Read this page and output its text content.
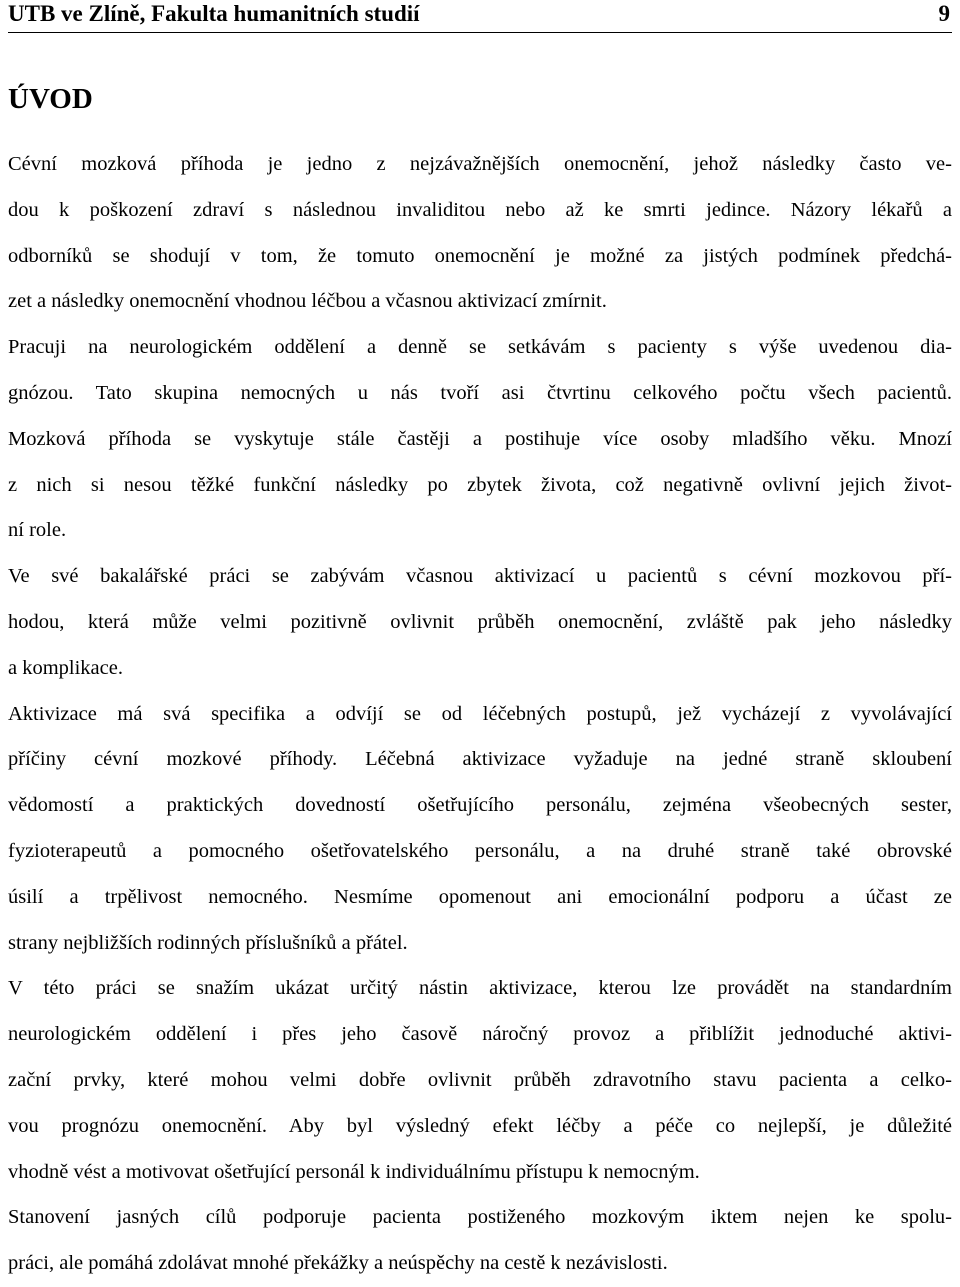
UTB ve Zlíně, Fakulta humanitních studií	9
ÚVOD

Cévní mozková příhoda je jedno z nejzávažnějších onemocnění, jehož následky často ve-
dou k poškození zdraví s následnou invaliditou nebo až ke smrti jedince. Názory lékařů a
odborníků se shodují v tom, že tomuto onemocnění je možné za jistých podmínek předchá-
zet a následky onemocnění vhodnou léčbou a včasnou aktivizací zmírnit.

Pracuji na neurologickém oddělení a denně se setkávám s pacienty s výše uvedenou dia-
gnózou. Tato skupina nemocných u nás tvoří asi čtvrtinu celkového počtu všech pacientů.
Mozková příhoda se vyskytuje stále častěji a postihuje více osoby mladšího věku. Mnozí
z nich si nesou těžké funkční následky po zbytek života, což negativně ovlivní jejich život-
ní role.

Ve své bakalářské práci se zabývám včasnou aktivizací u pacientů s cévní mozkovou pří-
hodou, která může velmi pozitivně ovlivnit průběh onemocnění, zvláště pak jeho následky
a komplikace.

Aktivizace má svá specifika a odvíjí se od léčebných postupů, jež vycházejí z vyvolávající
příčiny cévní mozkové příhody. Léčebná aktivizace vyžaduje na jedné straně skloubení
vědomostí a praktických dovedností ošetřujícího personálu, zejména všeobecných sester,
fyzioterapeutů a pomocného ošetřovatelského personálu, a na druhé straně také obrovské
úsilí a trpělivost nemocného. Nesmíme opomenout ani emocionální podporu a účast ze
strany nejbližších rodinných příslušníků a přátel.

V této práci se snažím ukázat určitý nástin aktivizace, kterou lze provádět na standardním
neurologickém oddělení i přes jeho časově náročný provoz a přiblížit jednoduché aktivi-
zační prvky, které mohou velmi dobře ovlivnit průběh zdravotního stavu pacienta a celko-
vou prognózu onemocnění. Aby byl výsledný efekt léčby a péče co nejlepší, je důležité
vhodně vést a motivovat ošetřující personál k individuálnímu přístupu k nemocným.

Stanovení jasných cílů podporuje pacienta postiženého mozkovým iktem nejen ke spolu-
práci, ale pomáhá zdolávat mnohé překážky a neúspěchy na cestě k nezávislosti.
